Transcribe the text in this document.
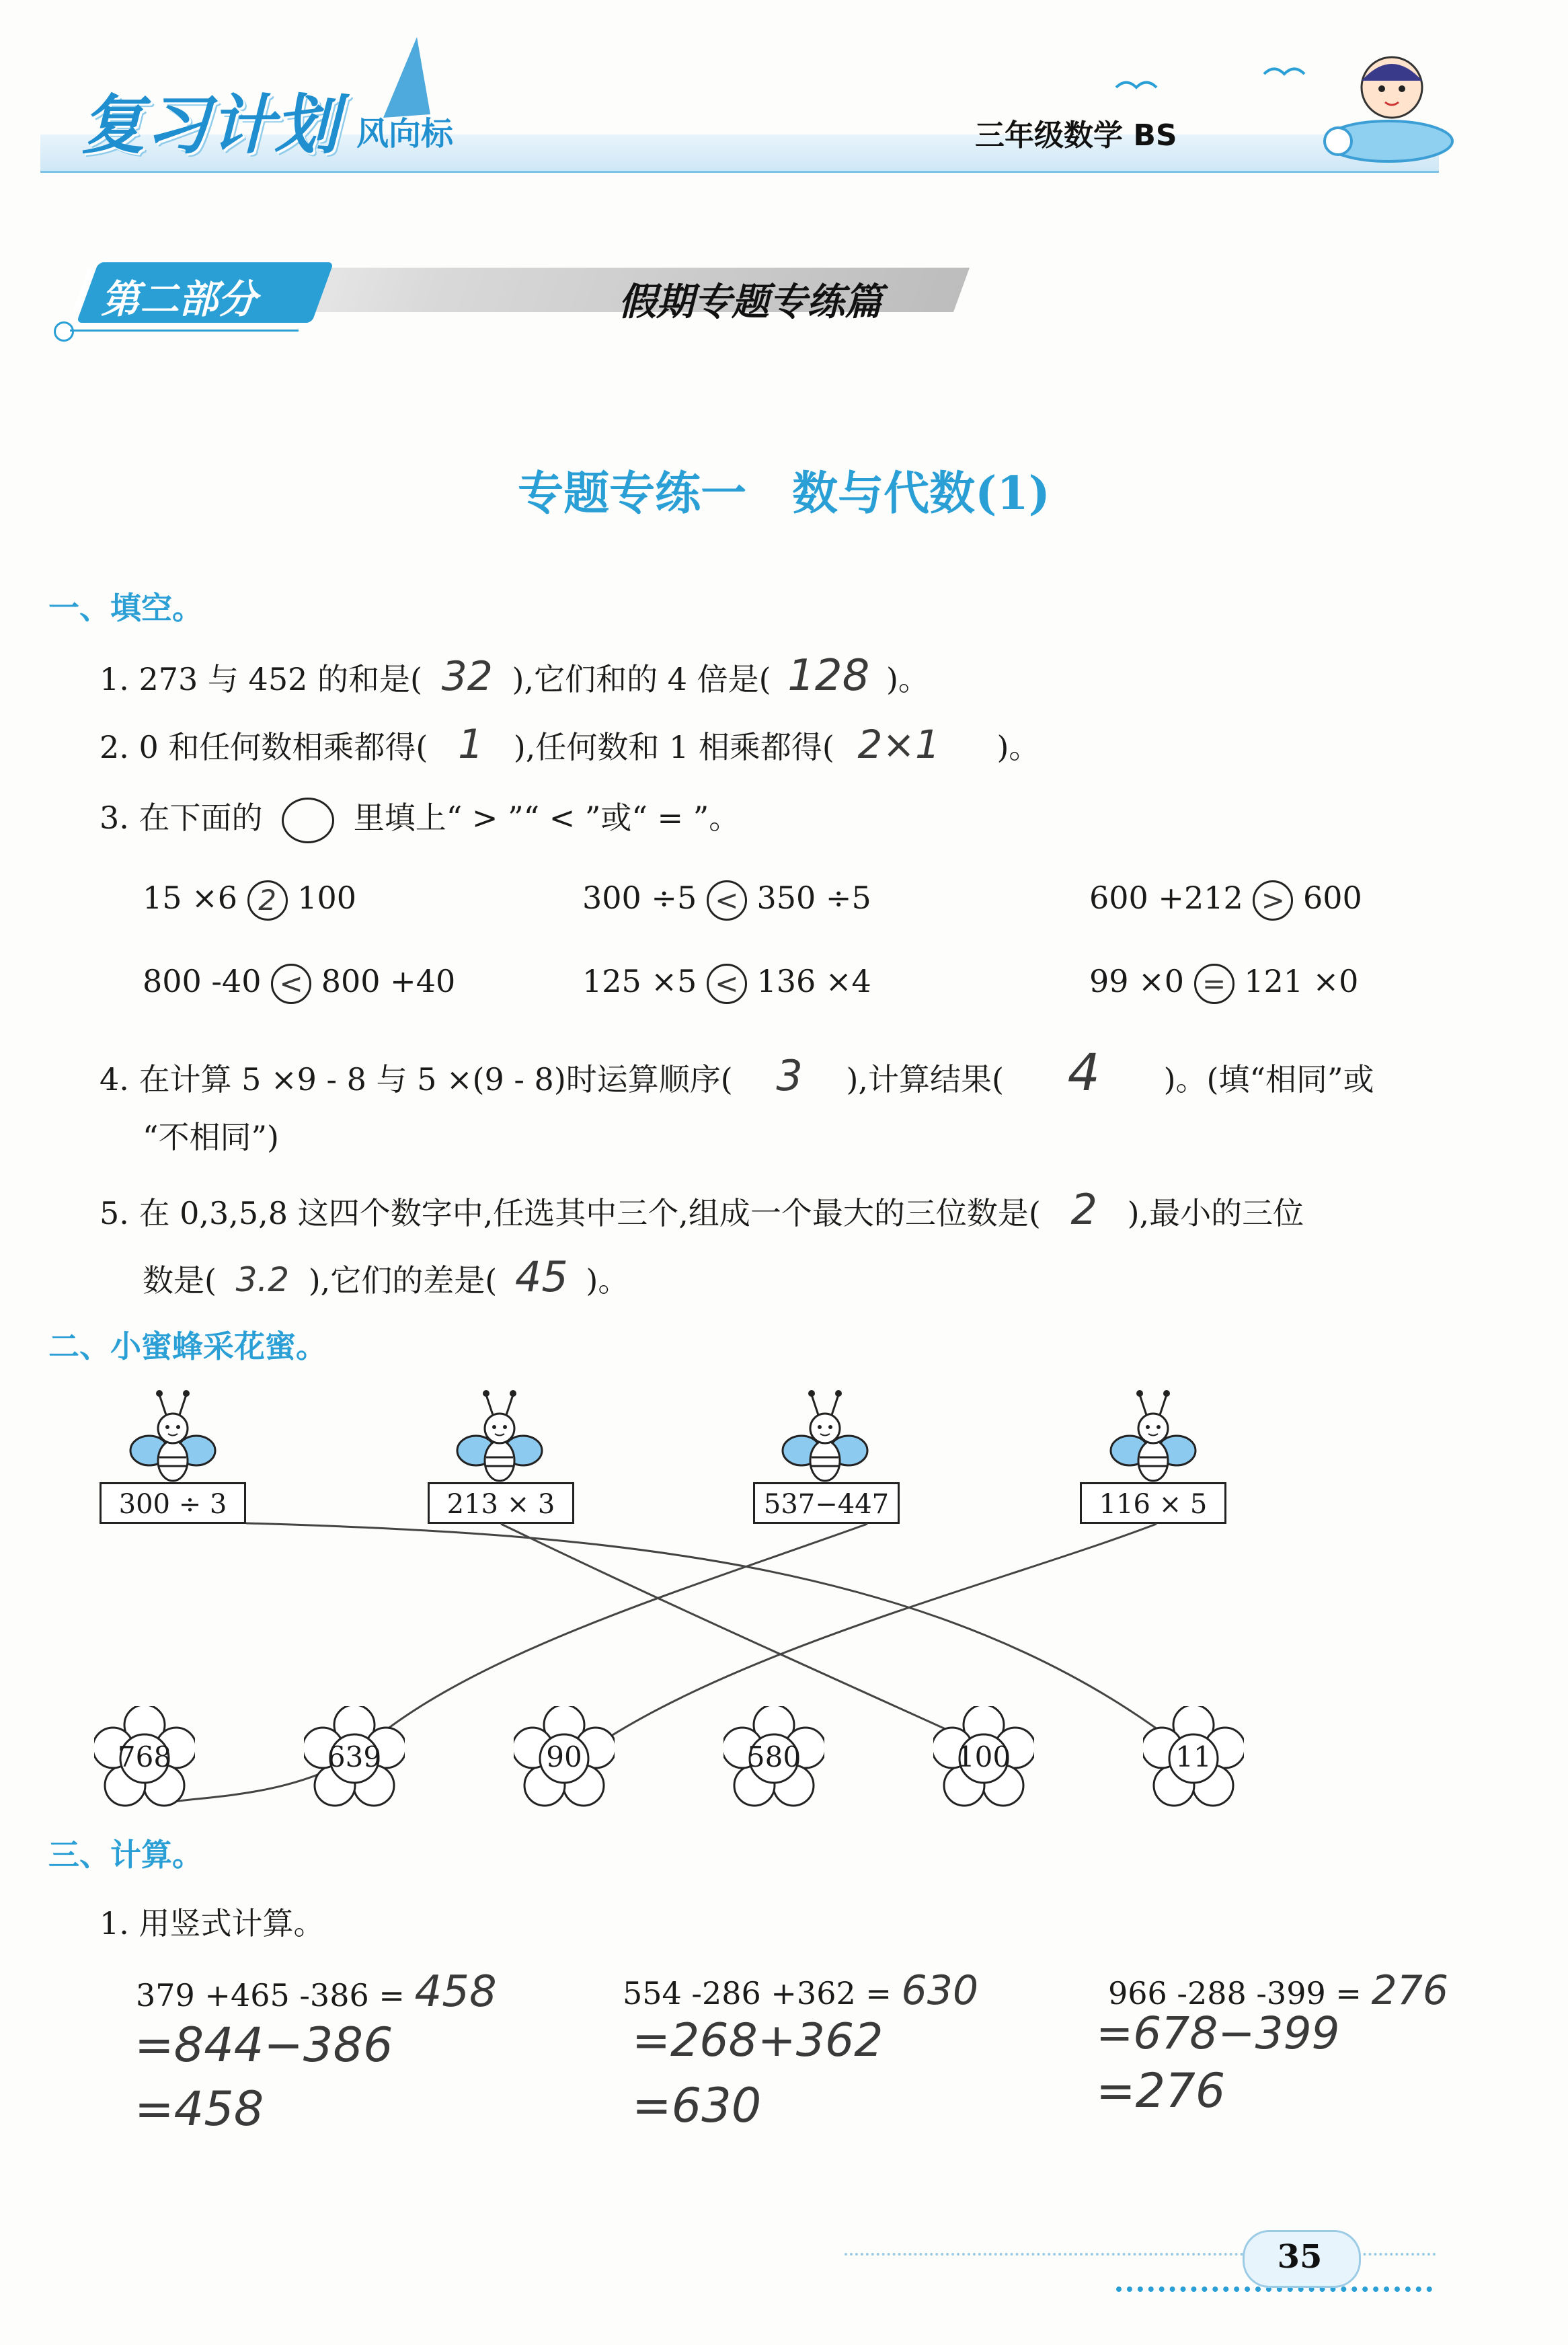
复习计划 风向标	三年级数学 BS
第二部分	假期专题专练篇
专题专练一　数与代数(1)
一、填空。
1. 273 与 452 的和是( 32 ),它们和的 4 倍是( 128 )。
2. 0 和任何数相乘都得( 1 ),任何数和 1 相乘都得( 2×1 )。
3. 在下面的	里填上“ > ”“ < ”或“ = ”。
15 ×6 2 100	300 ÷5 < 350 ÷5	600 +212 > 600
800 -40 < 800 +40	125 ×5 < 136 ×4	99 ×0 = 121 ×0
4. 在计算 5 ×9 - 8 与 5 ×(9 - 8)时运算顺序( 3 ),计算结果( 4 )。(填“相同”或
“不相同”)
5. 在 0,3,5,8 这四个数字中,任选其中三个,组成一个最大的三位数是( 2 ),最小的三位
数是( 3.2 ),它们的差是( 45 )。
二、小蜜蜂采花蜜。
300 ÷ 3	213 × 3	537−447	116 × 5
768	639	90	580	100	11
三、计算。
1. 用竖式计算。
379 +465 -386 = 458
=844−386
=458
554 -286 +362 = 630
=268+362
=630
966 -288 -399 = 276
=678−399
=276
35
